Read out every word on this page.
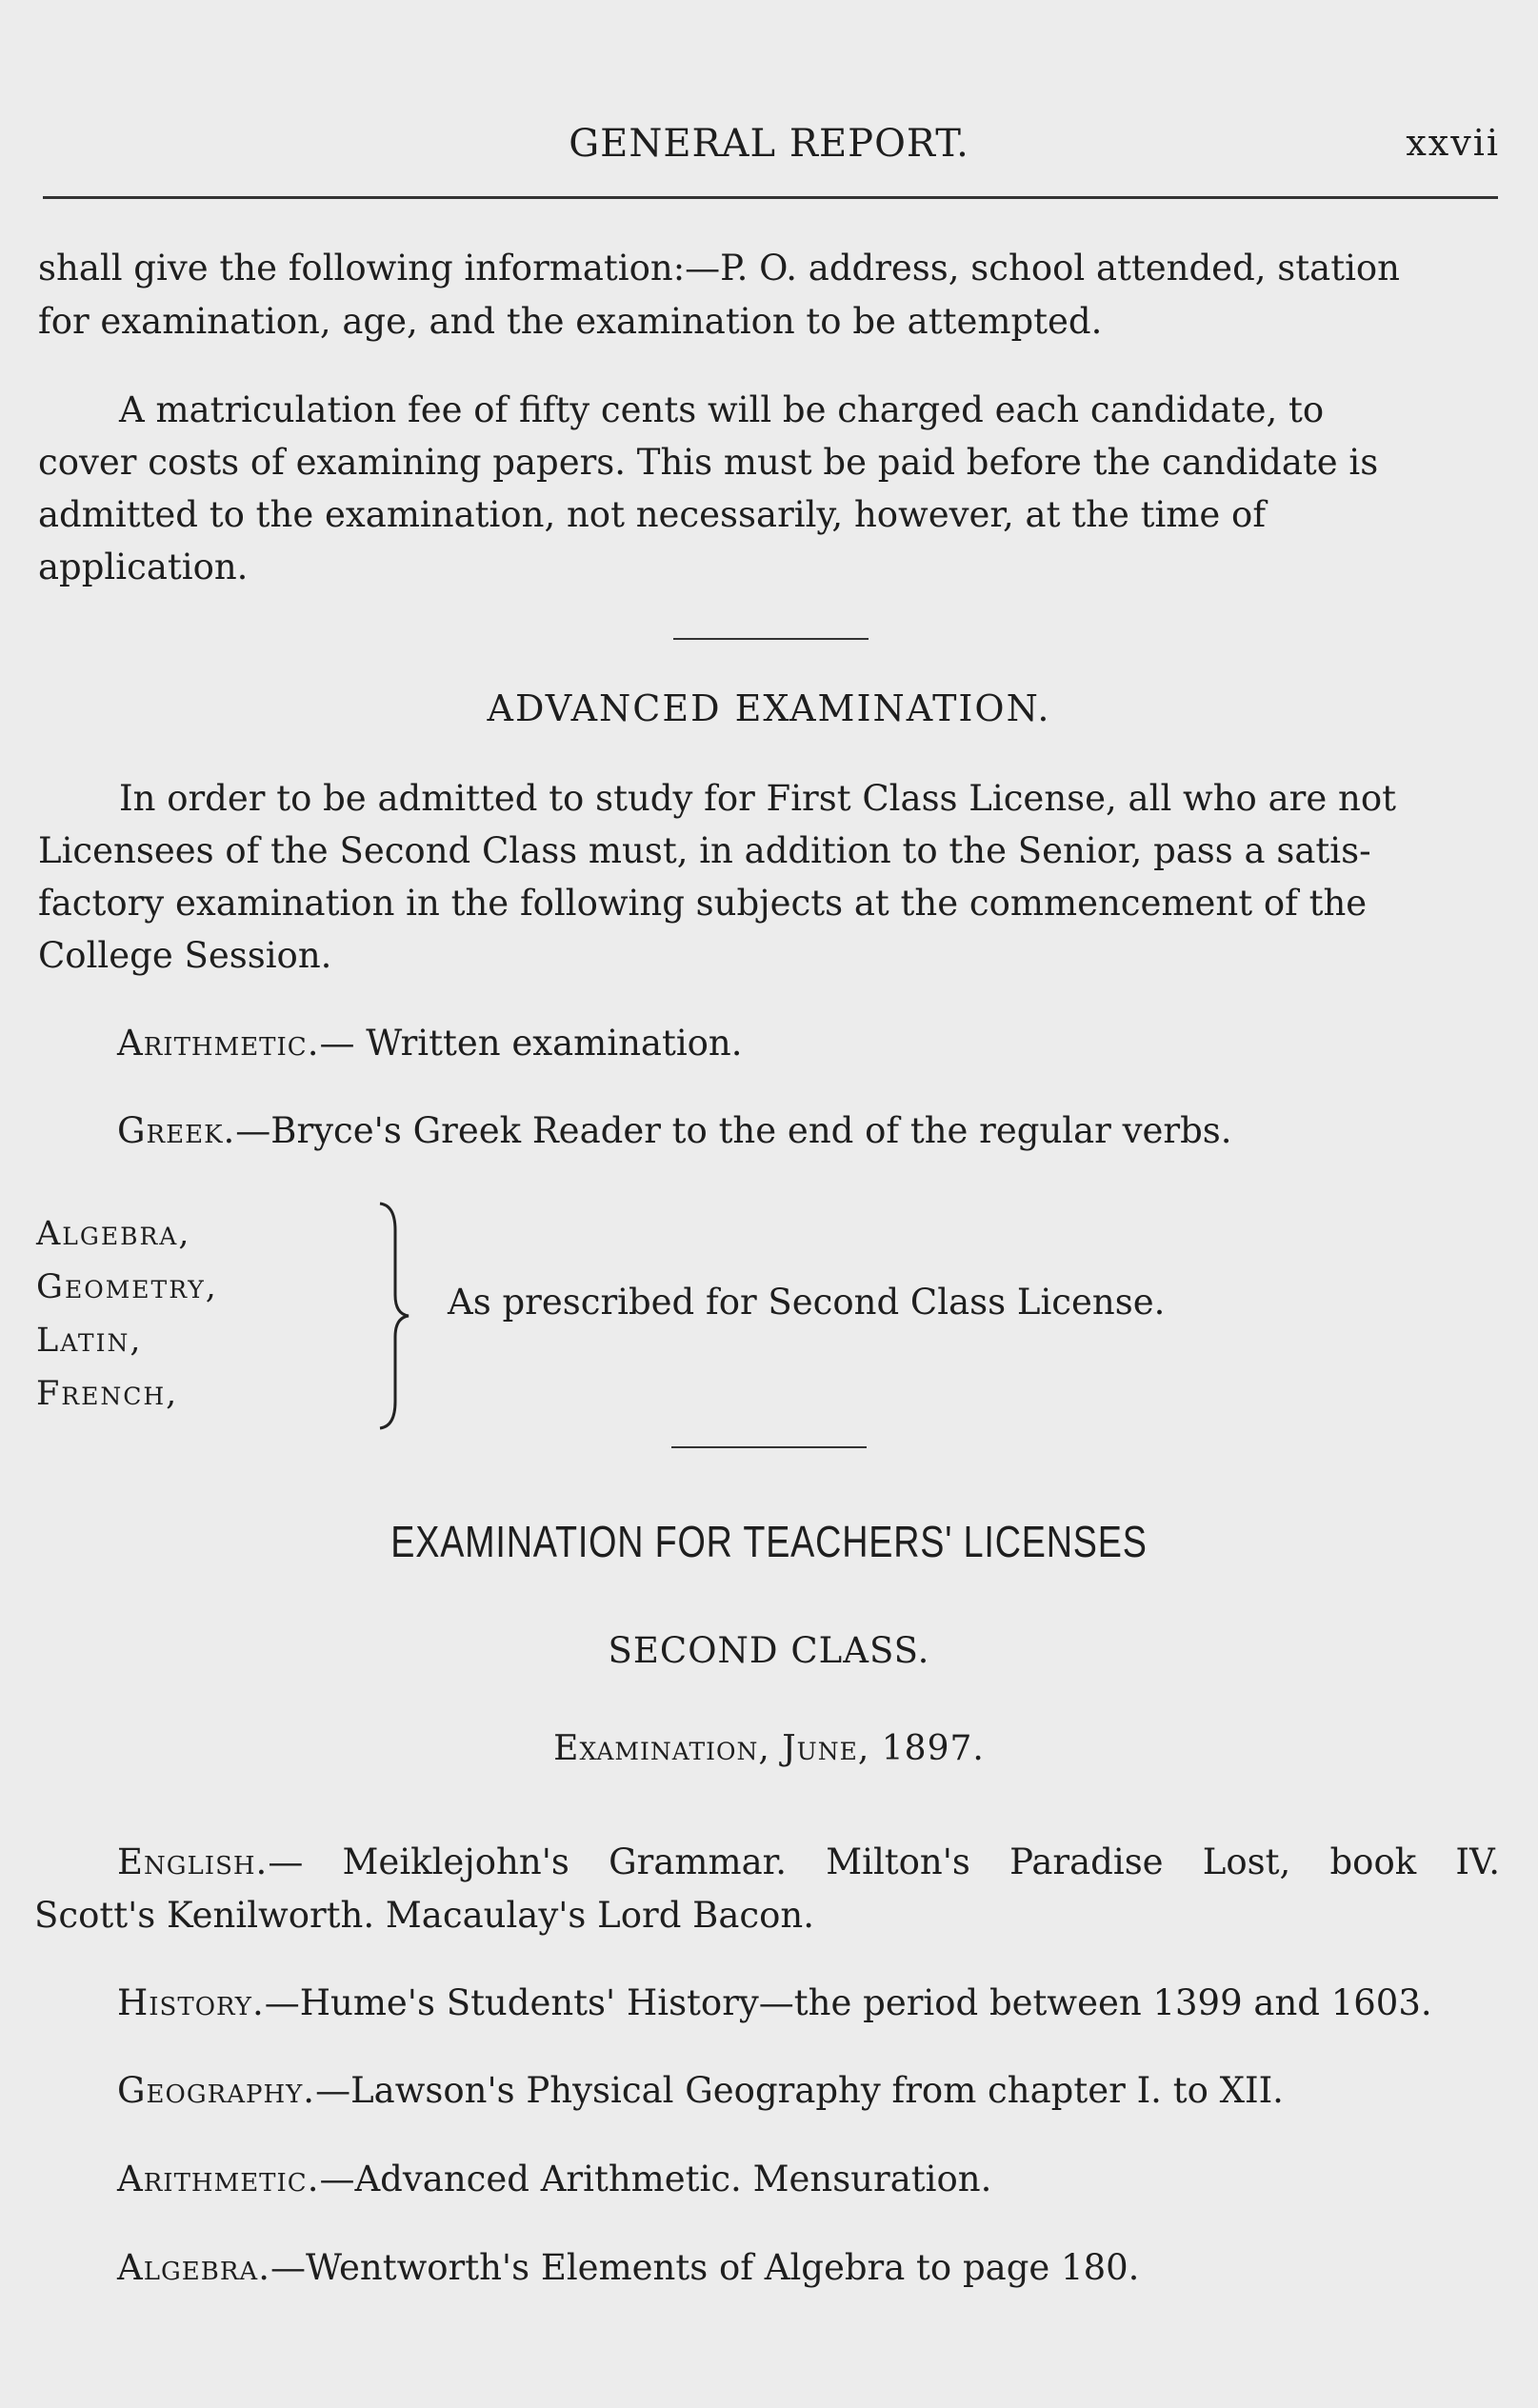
GENERAL REPORT.	xxvii

shall give the following information:—P. O. address, school attended, station

for examination, age, and the examination to be attempted.

A matriculation fee of fifty cents will be charged each candidate, to

cover costs of examining papers. This must be paid before the candidate is

admitted to the examination, not necessarily, however, at the time of

application.

ADVANCED EXAMINATION.

In order to be admitted to study for First Class License, all who are not

Licensees of the Second Class must, in addition to the Senior, pass a satis-

factory examination in the following subjects at the commencement of the

College Session.

Arithmetic.— Written examination.

Greek.—Bryce's Greek Reader to the end of the regular verbs.

Algebra,
Geometry,
Latin,
French,
As prescribed for Second Class License.
EXAMINATION FOR TEACHERS' LICENSES
SECOND CLASS.
Examination, June, 1897.

English.— Meiklejohn's Grammar. Milton's Paradise Lost, book IV.

Scott's Kenilworth. Macaulay's Lord Bacon.

History.—Hume's Students' History—the period between 1399 and 1603.

Geography.—Lawson's Physical Geography from chapter I. to XII.

Arithmetic.—Advanced Arithmetic. Mensuration.

Algebra.—Wentworth's Elements of Algebra to page 180.
